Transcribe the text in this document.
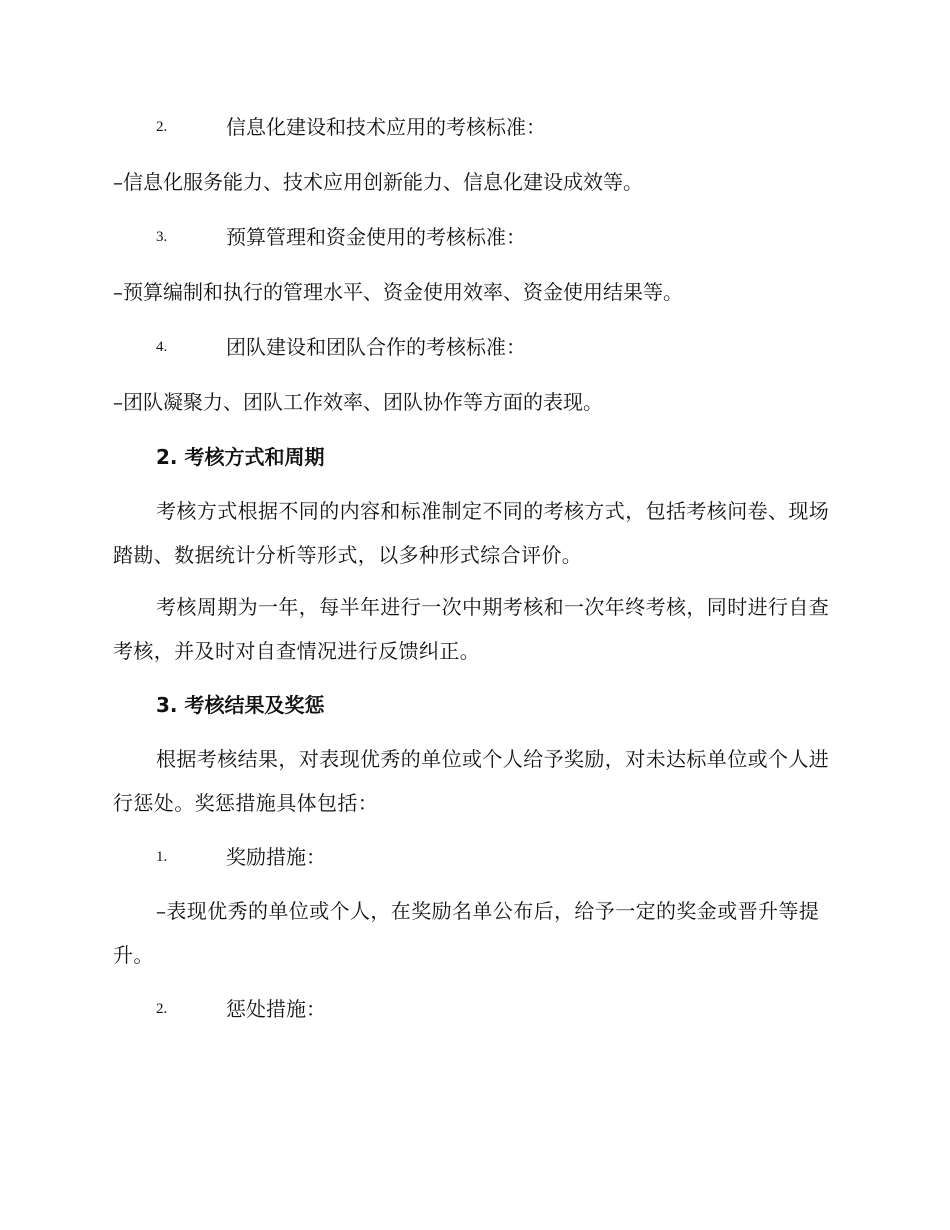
2.	信息化建设和技术应用的考核标准：
–信息化服务能力、技术应用创新能力、信息化建设成效等。
3.	预算管理和资金使用的考核标准：
–预算编制和执行的管理水平、资金使用效率、资金使用结果等。
4.	团队建设和团队合作的考核标准：
–团队凝聚力、团队工作效率、团队协作等方面的表现。
2. 考核方式和周期

考核方式根据不同的内容和标准制定不同的考核方式，包括考核问卷、现场踏勘、数据统计分析等形式，以多种形式综合评价。

考核周期为一年，每半年进行一次中期考核和一次年终考核，同时进行自查考核，并及时对自查情况进行反馈纠正。

3. 考核结果及奖惩

根据考核结果，对表现优秀的单位或个人给予奖励，对未达标单位或个人进行惩处。奖惩措施具体包括：

1.	奖励措施：

–表现优秀的单位或个人，在奖励名单公布后，给予一定的奖金或晋升等提升。

2.	惩处措施：
